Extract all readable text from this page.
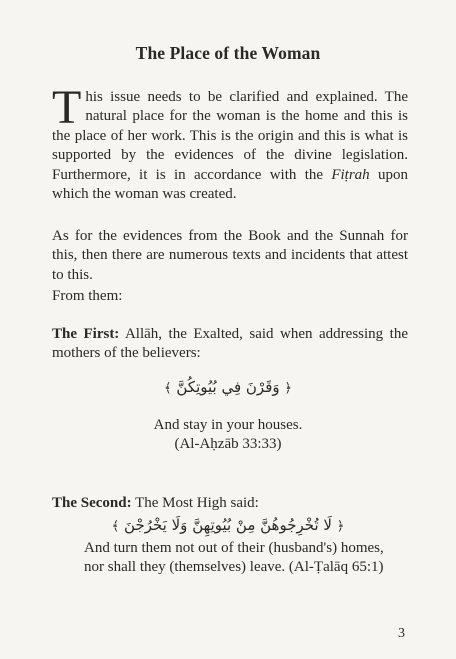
The Place of the Woman

This issue needs to be clarified and explained. The natural place for the woman is the home and this is the place of her work. This is the origin and this is what is supported by the evidences of the divine legislation. Furthermore, it is in accordance with the Fiṭrah upon which the woman was created.

As for the evidences from the Book and the Sunnah for this, then there are numerous texts and incidents that attest to this.

From them:

The First: Allāh, the Exalted, said when addressing the mothers of the believers:

﴿ وَقَرْنَ فِي بُيُوتِكُنَّ ﴾

And stay in your houses.
(Al-Aḥzāb 33:33)

The Second: The Most High said:

﴿ لَا تُخْرِجُوهُنَّ مِنْ بُيُوتِهِنَّ وَلَا يَخْرُجْنَ ﴾

And turn them not out of their (husband's) homes, nor shall they (themselves) leave. (Al-Ṭalāq 65:1)

3
